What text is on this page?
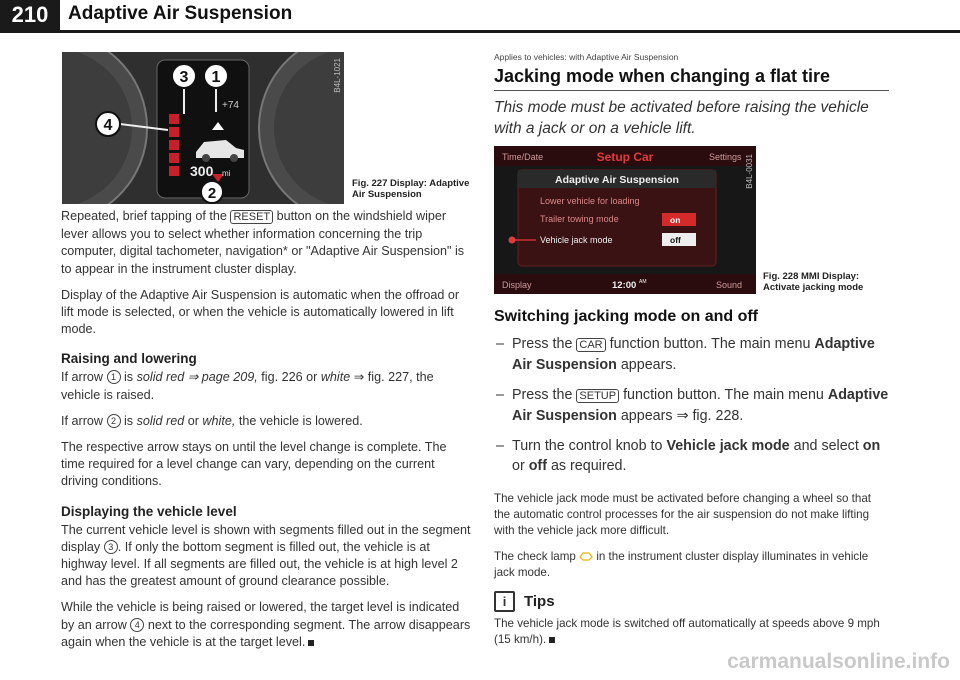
210	Adaptive Air Suspension
3 1
4
+74
300 mi
2
B4L-1021
Fig. 227 Display: Adaptive Air Suspension

Repeated, brief tapping of the RESET button on the windshield wiper lever allows you to select whether information concerning the trip computer, digital tachometer, navigation* or "Adaptive Air Suspension" is to appear in the instrument cluster display.

Display of the Adaptive Air Suspension is automatic when the offroad or lift mode is selected, or when the vehicle is automatically lowered in lift mode.

Raising and lowering

If arrow 1 is solid red ⇒ page 209, fig. 226 or white ⇒ fig. 227, the vehicle is raised.

If arrow 2 is solid red or white, the vehicle is lowered.

The respective arrow stays on until the level change is complete. The time required for a level change can vary, depending on the current driving conditions.

Displaying the vehicle level

The current vehicle level is shown with segments filled out in the segment display 3 . If only the bottom segment is filled out, the vehicle is at highway level. If all segments are filled out, the vehicle is at high level 2 and has the greatest amount of ground clearance possible.

While the vehicle is being raised or lowered, the target level is indicated by an arrow 4 next to the corresponding segment. The arrow disappears again when the vehicle is at the target level.

Applies to vehicles: with Adaptive Air Suspension

Jacking mode when changing a flat tire

This mode must be activated before raising the vehicle with a jack or on a vehicle lift.

Time/Date	Setup Car	Settings
Adaptive Air Suspension
Lower vehicle for loading
Trailer towing mode	on
Vehicle jack mode	off
Display	12:00 AM	Sound
B4L-0031
Fig. 228 MMI Display: Activate jacking mode
Switching jacking mode on and off
– Press the CAR function button. The main menu Adaptive Air Suspension appears.
– Press the SETUP function button. The main menu Adaptive Air Suspension appears ⇒ fig. 228.
– Turn the control knob to Vehicle jack mode and select on or off as required.

The vehicle jack mode must be activated before changing a wheel so that the automatic control processes for the air suspension do not make lifting with the vehicle jack more difficult.

The check lamp in the instrument cluster display illuminates in vehicle jack mode.

i	Tips

The vehicle jack mode is switched off automatically at speeds above 9 mph (15 km/h).

carmanualsonline.info
